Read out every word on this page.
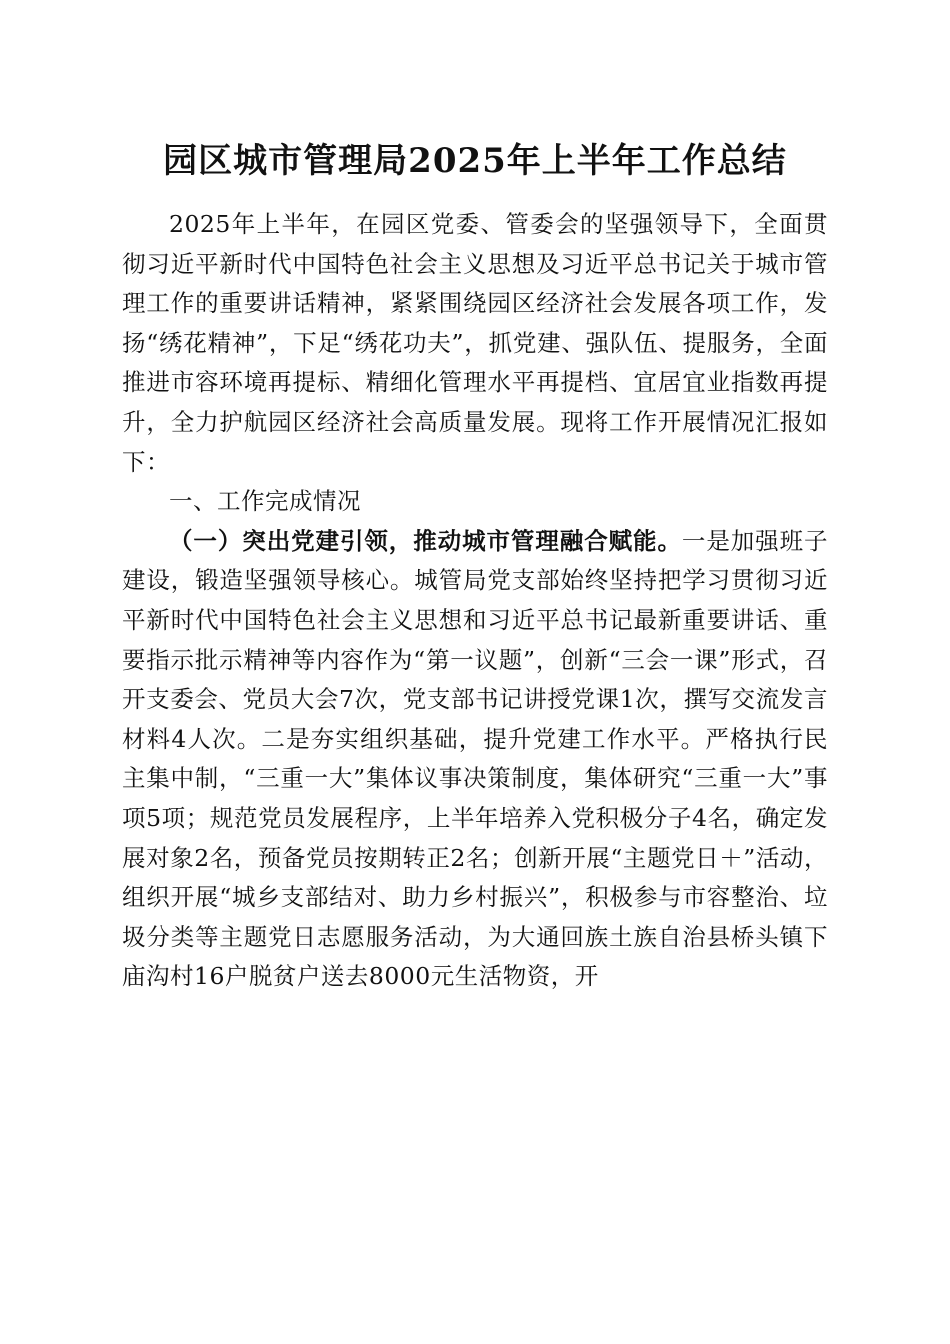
园区城市管理局2025年上半年工作总结

2025年上半年，在园区党委、管委会的坚强领导下，全面贯彻习近平新时代中国特色社会主义思想及习近平总书记关于城市管理工作的重要讲话精神，紧紧围绕园区经济社会发展各项工作，发扬“绣花精神”，下足“绣花功夫”，抓党建、强队伍、提服务，全面推进市容环境再提标、精细化管理水平再提档、宜居宜业指数再提升，全力护航园区经济社会高质量发展。现将工作开展情况汇报如下：

一、工作完成情况

（一）突出党建引领，推动城市管理融合赋能。一是加强班子建设，锻造坚强领导核心。城管局党支部始终坚持把学习贯彻习近平新时代中国特色社会主义思想和习近平总书记最新重要讲话、重要指示批示精神等内容作为“第一议题”，创新“三会一课”形式，召开支委会、党员大会7次，党支部书记讲授党课1次，撰写交流发言材料4人次。二是夯实组织基础，提升党建工作水平。严格执行民主集中制，“三重一大”集体议事决策制度，集体研究“三重一大”事项5项；规范党员发展程序，上半年培养入党积极分子4名，确定发展对象2名，预备党员按期转正2名；创新开展“主题党日＋”活动，组织开展“城乡支部结对、助力乡村振兴”，积极参与市容整治、垃圾分类等主题党日志愿服务活动，为大通回族土族自治县桥头镇下庙沟村16户脱贫户送去8000元生活物资，开
